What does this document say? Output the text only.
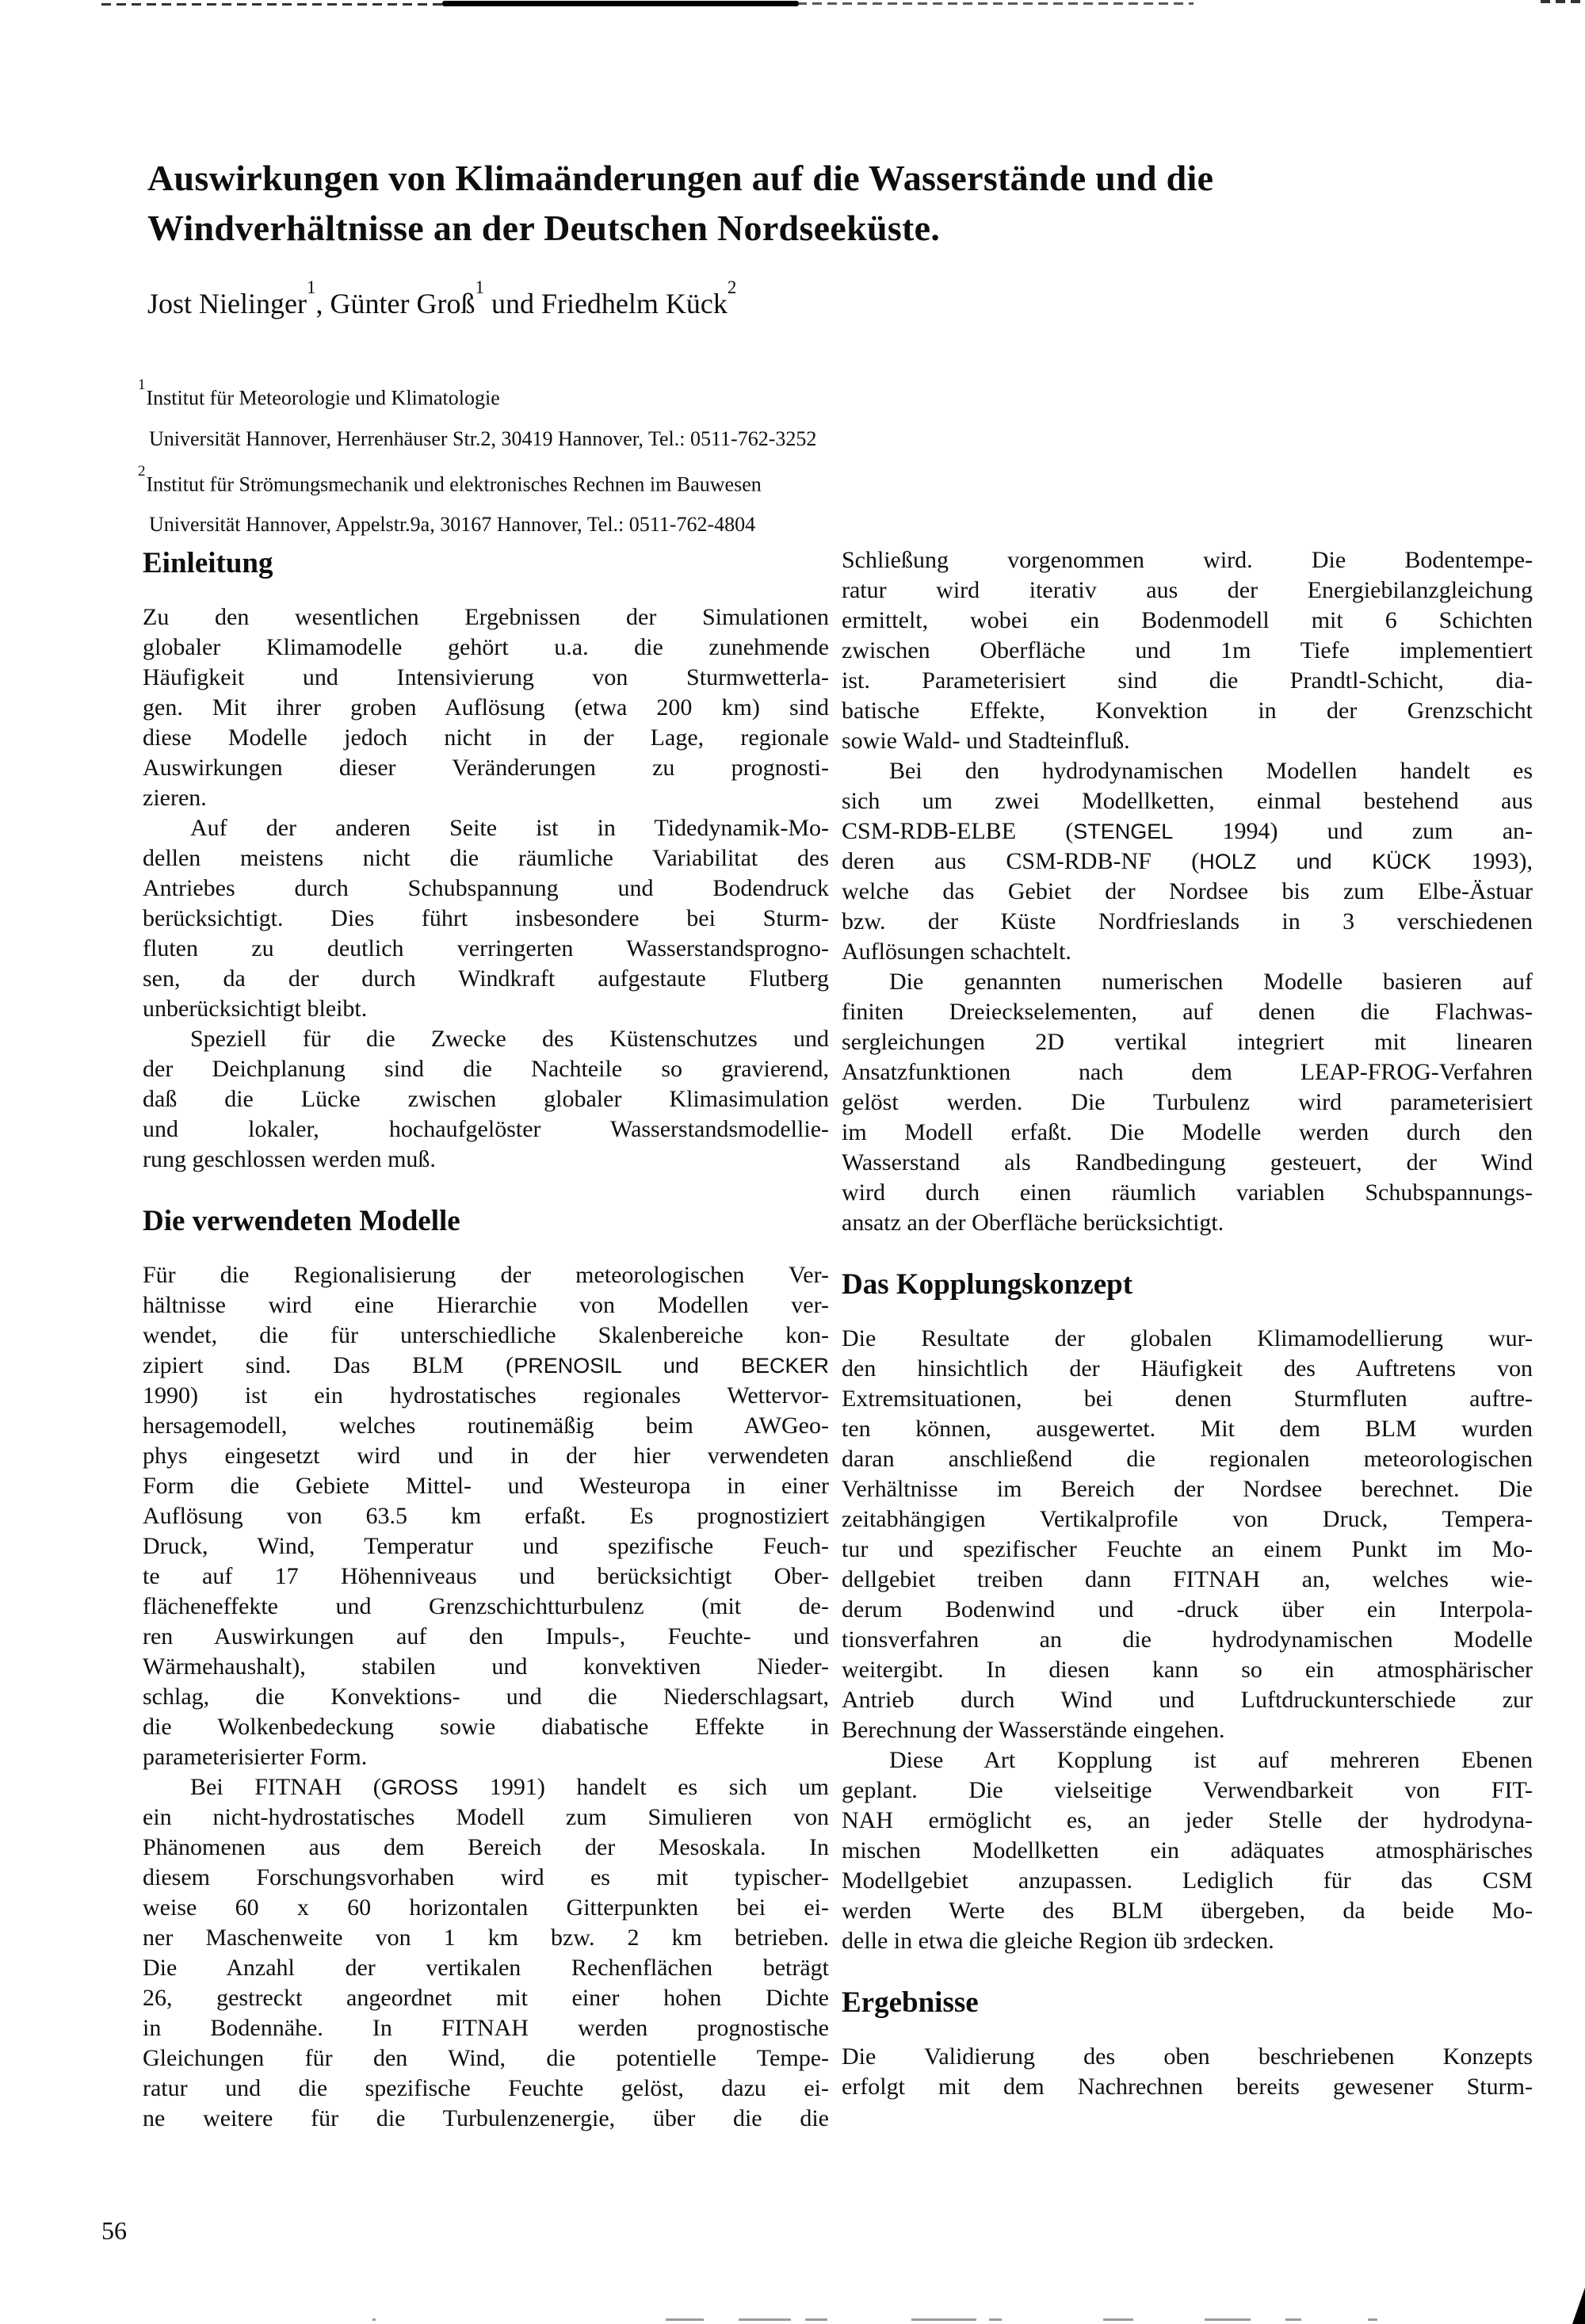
Auswirkungen von Klimaänderungen auf die Wasserstände und die
Windverhältnisse an der Deutschen Nordseeküste.
Jost Nielinger$^1$, Günter Groß$^1$ und Friedhelm Kück$^2$
$^1$Institut für Meteorologie und Klimatologie
Universität Hannover, Herrenhäuser Str.2, 30419 Hannover, Tel.: 0511-762-3252
$^2$Institut für Strömungsmechanik und elektronisches Rechnen im Bauwesen
Universität Hannover, Appelstr.9a, 30167 Hannover, Tel.: 0511-762-4804
Einleitung
Zu den wesentlichen Ergebnissen der Simulationen
globaler Klimamodelle gehört u.a. die zunehmende
Häufigkeit und Intensivierung von Sturmwetterla-
gen. Mit ihrer groben Auflösung (etwa 200 km) sind
diese Modelle jedoch nicht in der Lage, regionale
Auswirkungen dieser Veränderungen zu prognosti-
zieren.
Auf der anderen Seite ist in Tidedynamik-Mo-
dellen meistens nicht die räumliche Variabilitat des
Antriebes durch Schubspannung und Bodendruck
berücksichtigt. Dies führt insbesondere bei Sturm-
fluten zu deutlich verringerten Wasserstandsprogno-
sen, da der durch Windkraft aufgestaute Flutberg
unberücksichtigt bleibt.
Speziell für die Zwecke des Küstenschutzes und
der Deichplanung sind die Nachteile so gravierend,
daß die Lücke zwischen globaler Klimasimulation
und lokaler, hochaufgelöster Wasserstandsmodellie-
rung geschlossen werden muß.
Die verwendeten Modelle
Für die Regionalisierung der meteorologischen Ver-
hältnisse wird eine Hierarchie von Modellen ver-
wendet, die für unterschiedliche Skalenbereiche kon-
zipiert sind. Das BLM (PRENOSIL und BECKER
1990) ist ein hydrostatisches regionales Wettervor-
hersagemodell, welches routinemäßig beim AWGeo-
phys eingesetzt wird und in der hier verwendeten
Form die Gebiete Mittel- und Westeuropa in einer
Auflösung von 63.5 km erfaßt. Es prognostiziert
Druck, Wind, Temperatur und spezifische Feuch-
te auf 17 Höhenniveaus und berücksichtigt Ober-
flächeneffekte und Grenzschichtturbulenz (mit de-
ren Auswirkungen auf den Impuls-, Feuchte- und
Wärmehaushalt), stabilen und konvektiven Nieder-
schlag, die Konvektions- und die Niederschlagsart,
die Wolkenbedeckung sowie diabatische Effekte in
parameterisierter Form.
Bei FITNAH (GROSS 1991) handelt es sich um
ein nicht-hydrostatisches Modell zum Simulieren von
Phänomenen aus dem Bereich der Mesoskala. In
diesem Forschungsvorhaben wird es mit typischer-
weise 60 x 60 horizontalen Gitterpunkten bei ei-
ner Maschenweite von 1 km bzw. 2 km betrieben.
Die Anzahl der vertikalen Rechenflächen beträgt
26, gestreckt angeordnet mit einer hohen Dichte
in Bodennähe. In FITNAH werden prognostische
Gleichungen für den Wind, die potentielle Tempe-
ratur und die spezifische Feuchte gelöst, dazu ei-
ne weitere für die Turbulenzenergie, über die die
Schließung vorgenommen wird. Die Bodentempe-
ratur wird iterativ aus der Energiebilanzgleichung
ermittelt, wobei ein Bodenmodell mit 6 Schichten
zwischen Oberfläche und 1m Tiefe implementiert
ist. Parameterisiert sind die Prandtl-Schicht, dia-
batische Effekte, Konvektion in der Grenzschicht
sowie Wald- und Stadteinfluß.
Bei den hydrodynamischen Modellen handelt es
sich um zwei Modellketten, einmal bestehend aus
CSM-RDB-ELBE (STENGEL 1994) und zum an-
deren aus CSM-RDB-NF (HOLZ und KÜCK 1993),
welche das Gebiet der Nordsee bis zum Elbe-Ästuar
bzw. der Küste Nordfrieslands in 3 verschiedenen
Auflösungen schachtelt.
Die genannten numerischen Modelle basieren auf
finiten Dreieckselementen, auf denen die Flachwas-
sergleichungen 2D vertikal integriert mit linearen
Ansatzfunktionen nach dem LEAP-FROG-Verfahren
gelöst werden. Die Turbulenz wird parameterisiert
im Modell erfaßt. Die Modelle werden durch den
Wasserstand als Randbedingung gesteuert, der Wind
wird durch einen räumlich variablen Schubspannungs-
ansatz an der Oberfläche berücksichtigt.
Das Kopplungskonzept
Die Resultate der globalen Klimamodellierung wur-
den hinsichtlich der Häufigkeit des Auftretens von
Extremsituationen, bei denen Sturmfluten auftre-
ten können, ausgewertet. Mit dem BLM wurden
daran anschließend die regionalen meteorologischen
Verhältnisse im Bereich der Nordsee berechnet. Die
zeitabhängigen Vertikalprofile von Druck, Tempera-
tur und spezifischer Feuchte an einem Punkt im Mo-
dellgebiet treiben dann FITNAH an, welches wie-
derum Bodenwind und -druck über ein Interpola-
tionsverfahren an die hydrodynamischen Modelle
weitergibt. In diesen kann so ein atmosphärischer
Antrieb durch Wind und Luftdruckunterschiede zur
Berechnung der Wasserstände eingehen.
Diese Art Kopplung ist auf mehreren Ebenen
geplant. Die vielseitige Verwendbarkeit von FIT-
NAH ermöglicht es, an jeder Stelle der hydrodyna-
mischen Modellketten ein adäquates atmosphärisches
Modellgebiet anzupassen. Lediglich für das CSM
werden Werte des BLM übergeben, da beide Mo-
delle in etwa die gleiche Region üb ɜrdecken.
Ergebnisse
Die Validierung des oben beschriebenen Konzepts
erfolgt mit dem Nachrechnen bereits gewesener Sturm-
56
